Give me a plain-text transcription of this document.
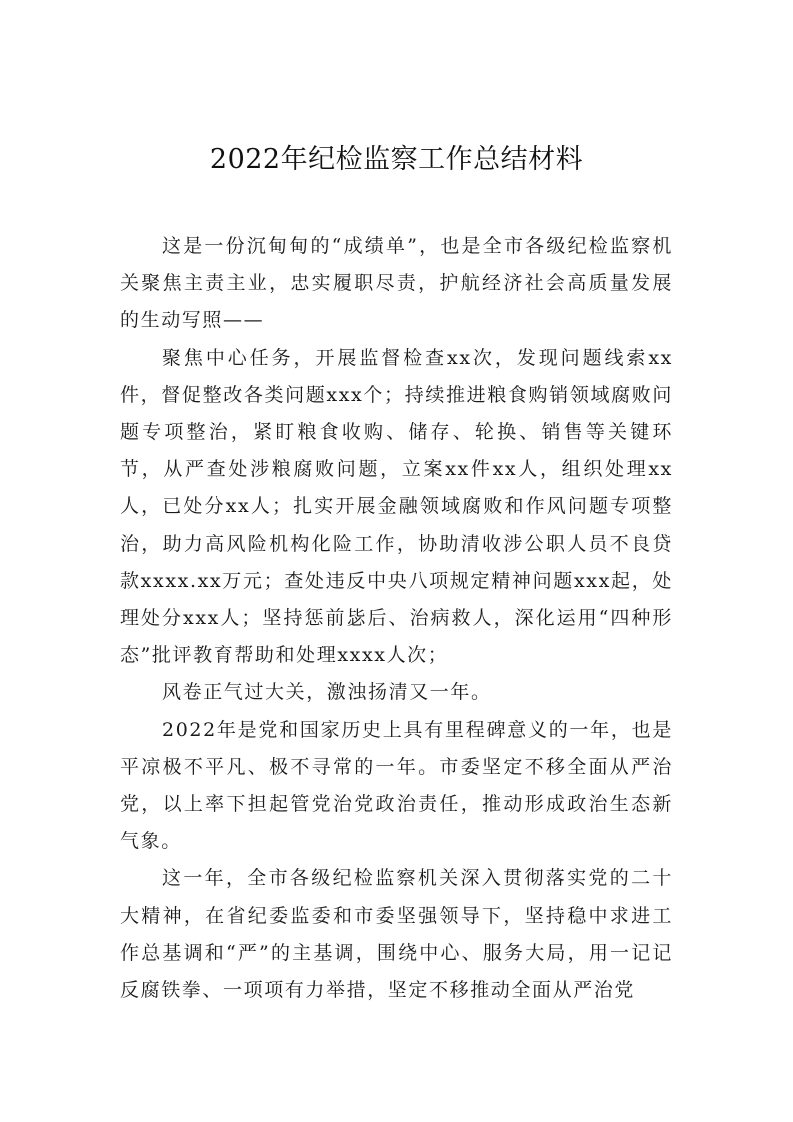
2022年纪检监察工作总结材料

这是一份沉甸甸的“成绩单”，也是全市各级纪检监察机关聚焦主责主业，忠实履职尽责，护航经济社会高质量发展的生动写照——

聚焦中心任务，开展监督检查xx次，发现问题线索xx件，督促整改各类问题xxx个；持续推进粮食购销领域腐败问题专项整治，紧盯粮食收购、储存、轮换、销售等关键环节，从严查处涉粮腐败问题，立案xx件xx人，组织处理xx人，已处分xx人；扎实开展金融领域腐败和作风问题专项整治，助力高风险机构化险工作，协助清收涉公职人员不良贷款xxxx.xx万元；查处违反中央八项规定精神问题xxx起，处理处分xxx人；坚持惩前毖后、治病救人，深化运用“四种形态”批评教育帮助和处理xxxx人次；

风卷正气过大关，激浊扬清又一年。

2022年是党和国家历史上具有里程碑意义的一年，也是平凉极不平凡、极不寻常的一年。市委坚定不移全面从严治党，以上率下担起管党治党政治责任，推动形成政治生态新气象。

这一年，全市各级纪检监察机关深入贯彻落实党的二十大精神，在省纪委监委和市委坚强领导下，坚持稳中求进工作总基调和“严”的主基调，围绕中心、服务大局，用一记记反腐铁拳、一项项有力举措，坚定不移推动全面从严治党
